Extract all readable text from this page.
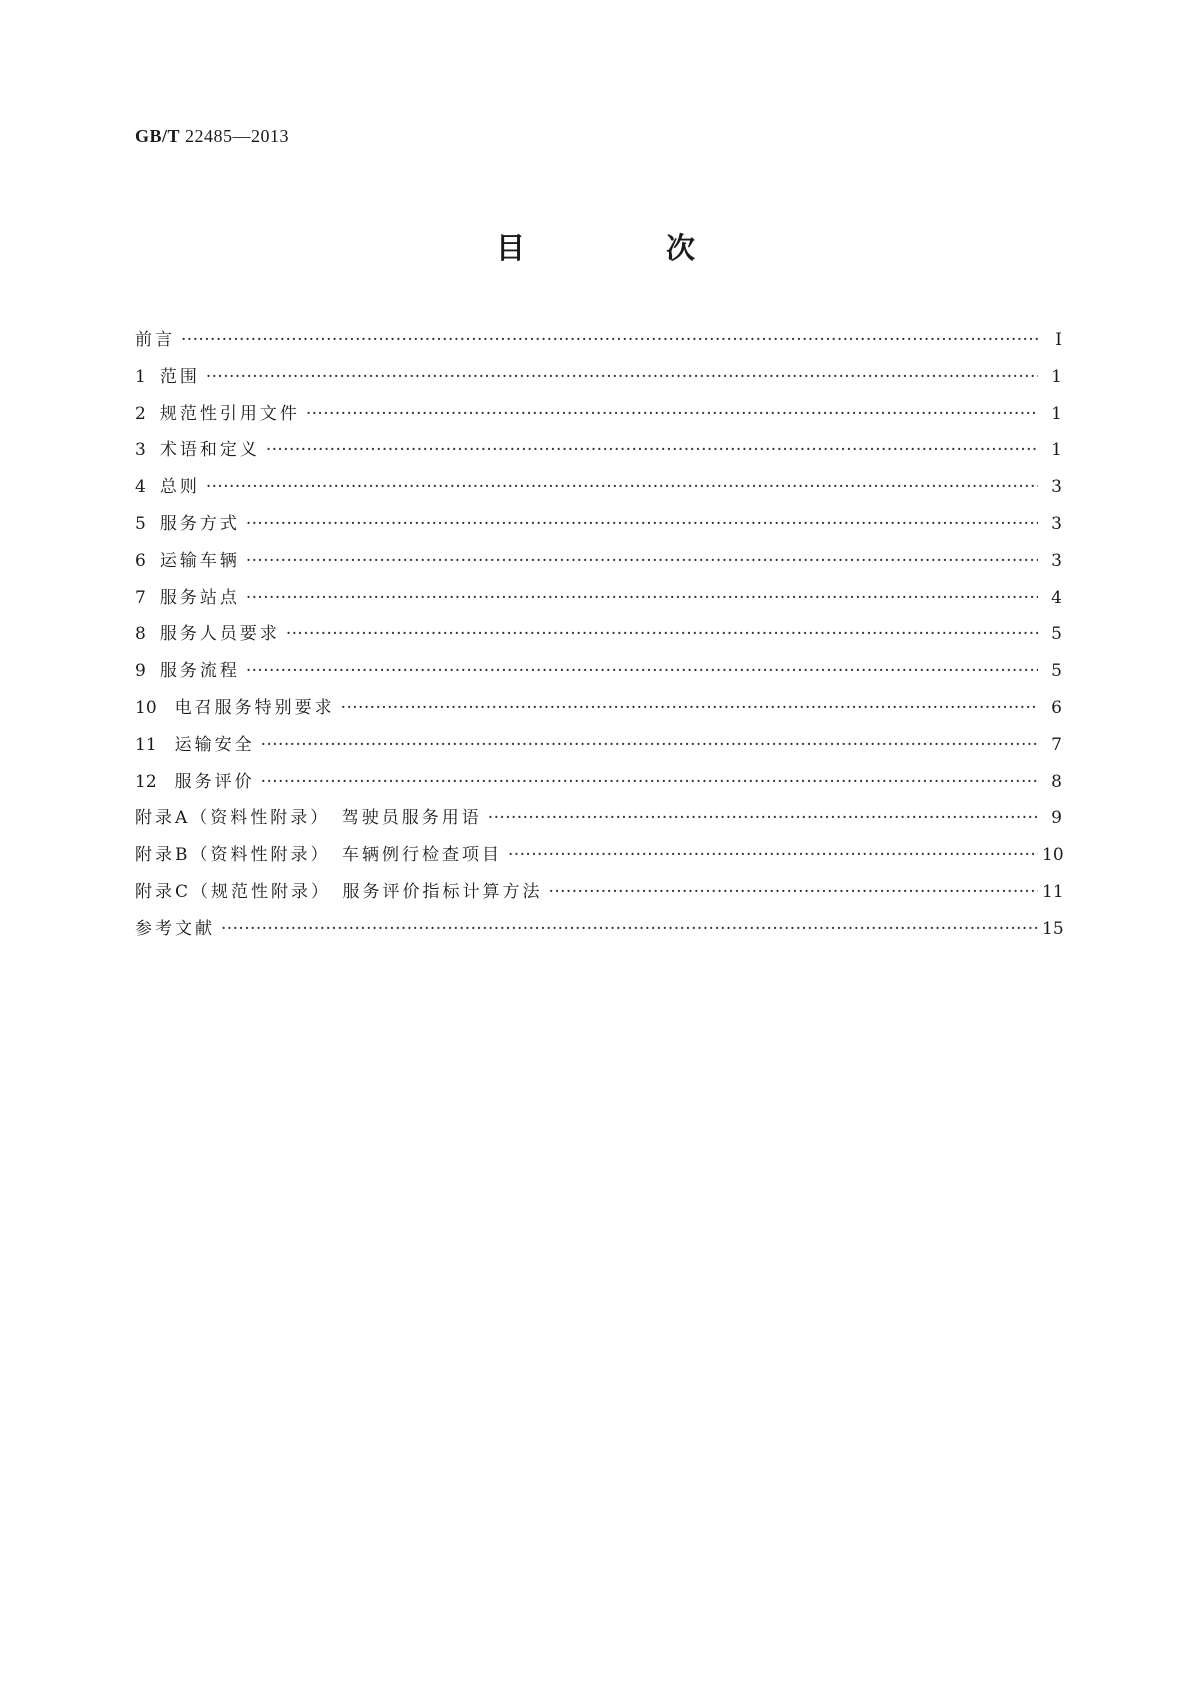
GB/T 22485—2013
目　次
前言 ·····	Ⅰ
1 范围 ·····	1
2 规范性引用文件 ·····	1
3 术语和定义 ·····	1
4 总则 ·····	3
5 服务方式 ·····	3
6 运输车辆 ·····	3
7 服务站点 ·····	4
8 服务人员要求 ·····	5
9 服务流程 ·····	5
10	电召服务特别要求 ·····	6
11	运输安全 ·····	7
12	服务评价 ·····	8
附录A（资料性附录）　驾驶员服务用语 ·····	9
附录B（资料性附录）　车辆例行检查项目 ·····	10
附录C（规范性附录）　服务评价指标计算方法 ·····	11
参考文献 ·····	15
